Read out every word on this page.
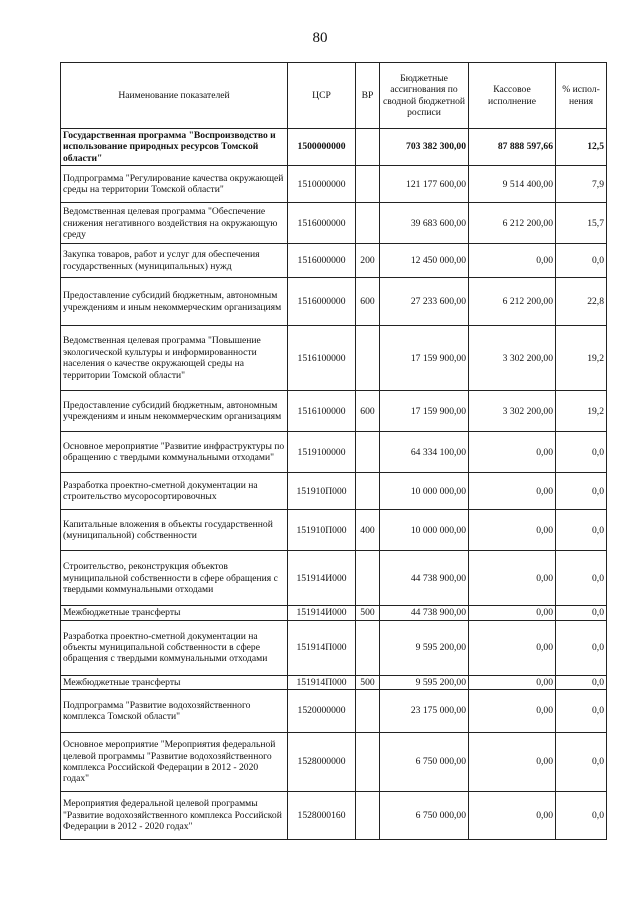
80
Наименование показателей	ЦСР	ВР	Бюджетные ассигнования по сводной бюджетной росписи	Кассовое исполнение	% испол-нения
Государственная программа "Воспроизводство и использование природных ресурсов Томской области"	1500000000		703 382 300,00	87 888 597,66	12,5
Подпрограмма "Регулирование качества окружающей среды на территории Томской области"	1510000000		121 177 600,00	9 514 400,00	7,9
Ведомственная целевая программа "Обеспечение снижения негативного воздействия на окружающую среду	1516000000		39 683 600,00	6 212 200,00	15,7
Закупка товаров, работ и услуг для обеспечения государственных (муниципальных) нужд	1516000000	200	12 450 000,00	0,00	0,0
Предоставление субсидий бюджетным, автономным учреждениям и иным некоммерческим организациям	1516000000	600	27 233 600,00	6 212 200,00	22,8
Ведомственная целевая программа "Повышение экологической культуры и информированности населения о качестве окружающей среды на территории Томской области"	1516100000		17 159 900,00	3 302 200,00	19,2
Предоставление субсидий бюджетным, автономным учреждениям и иным некоммерческим организациям	1516100000	600	17 159 900,00	3 302 200,00	19,2
Основное мероприятие "Развитие инфраструктуры по обращению с твердыми коммунальными отходами"	1519100000		64 334 100,00	0,00	0,0
Разработка проектно-сметной документации на строительство мусоросортировочных	151910П000		10 000 000,00	0,00	0,0
Капитальные вложения в объекты государственной (муниципальной) собственности	151910П000	400	10 000 000,00	0,00	0,0
Строительство, реконструкция объектов муниципальной собственности в сфере обращения с твердыми коммунальными отходами	151914И000		44 738 900,00	0,00	0,0
Межбюджетные трансферты	151914И000	500	44 738 900,00	0,00	0,0
Разработка проектно-сметной документации на объекты муниципальной собственности в сфере обращения с твердыми коммунальными отходами	151914П000		9 595 200,00	0,00	0,0
Межбюджетные трансферты	151914П000	500	9 595 200,00	0,00	0,0
Подпрограмма "Развитие водохозяйственного комплекса Томской области"	1520000000		23 175 000,00	0,00	0,0
Основное мероприятие "Мероприятия федеральной целевой программы "Развитие водохозяйственного комплекса Российской Федерации в 2012 - 2020 годах"	1528000000		6 750 000,00	0,00	0,0
Мероприятия федеральной целевой программы "Развитие водохозяйственного комплекса Российской Федерации в 2012 - 2020 годах"	1528000160		6 750 000,00	0,00	0,0
